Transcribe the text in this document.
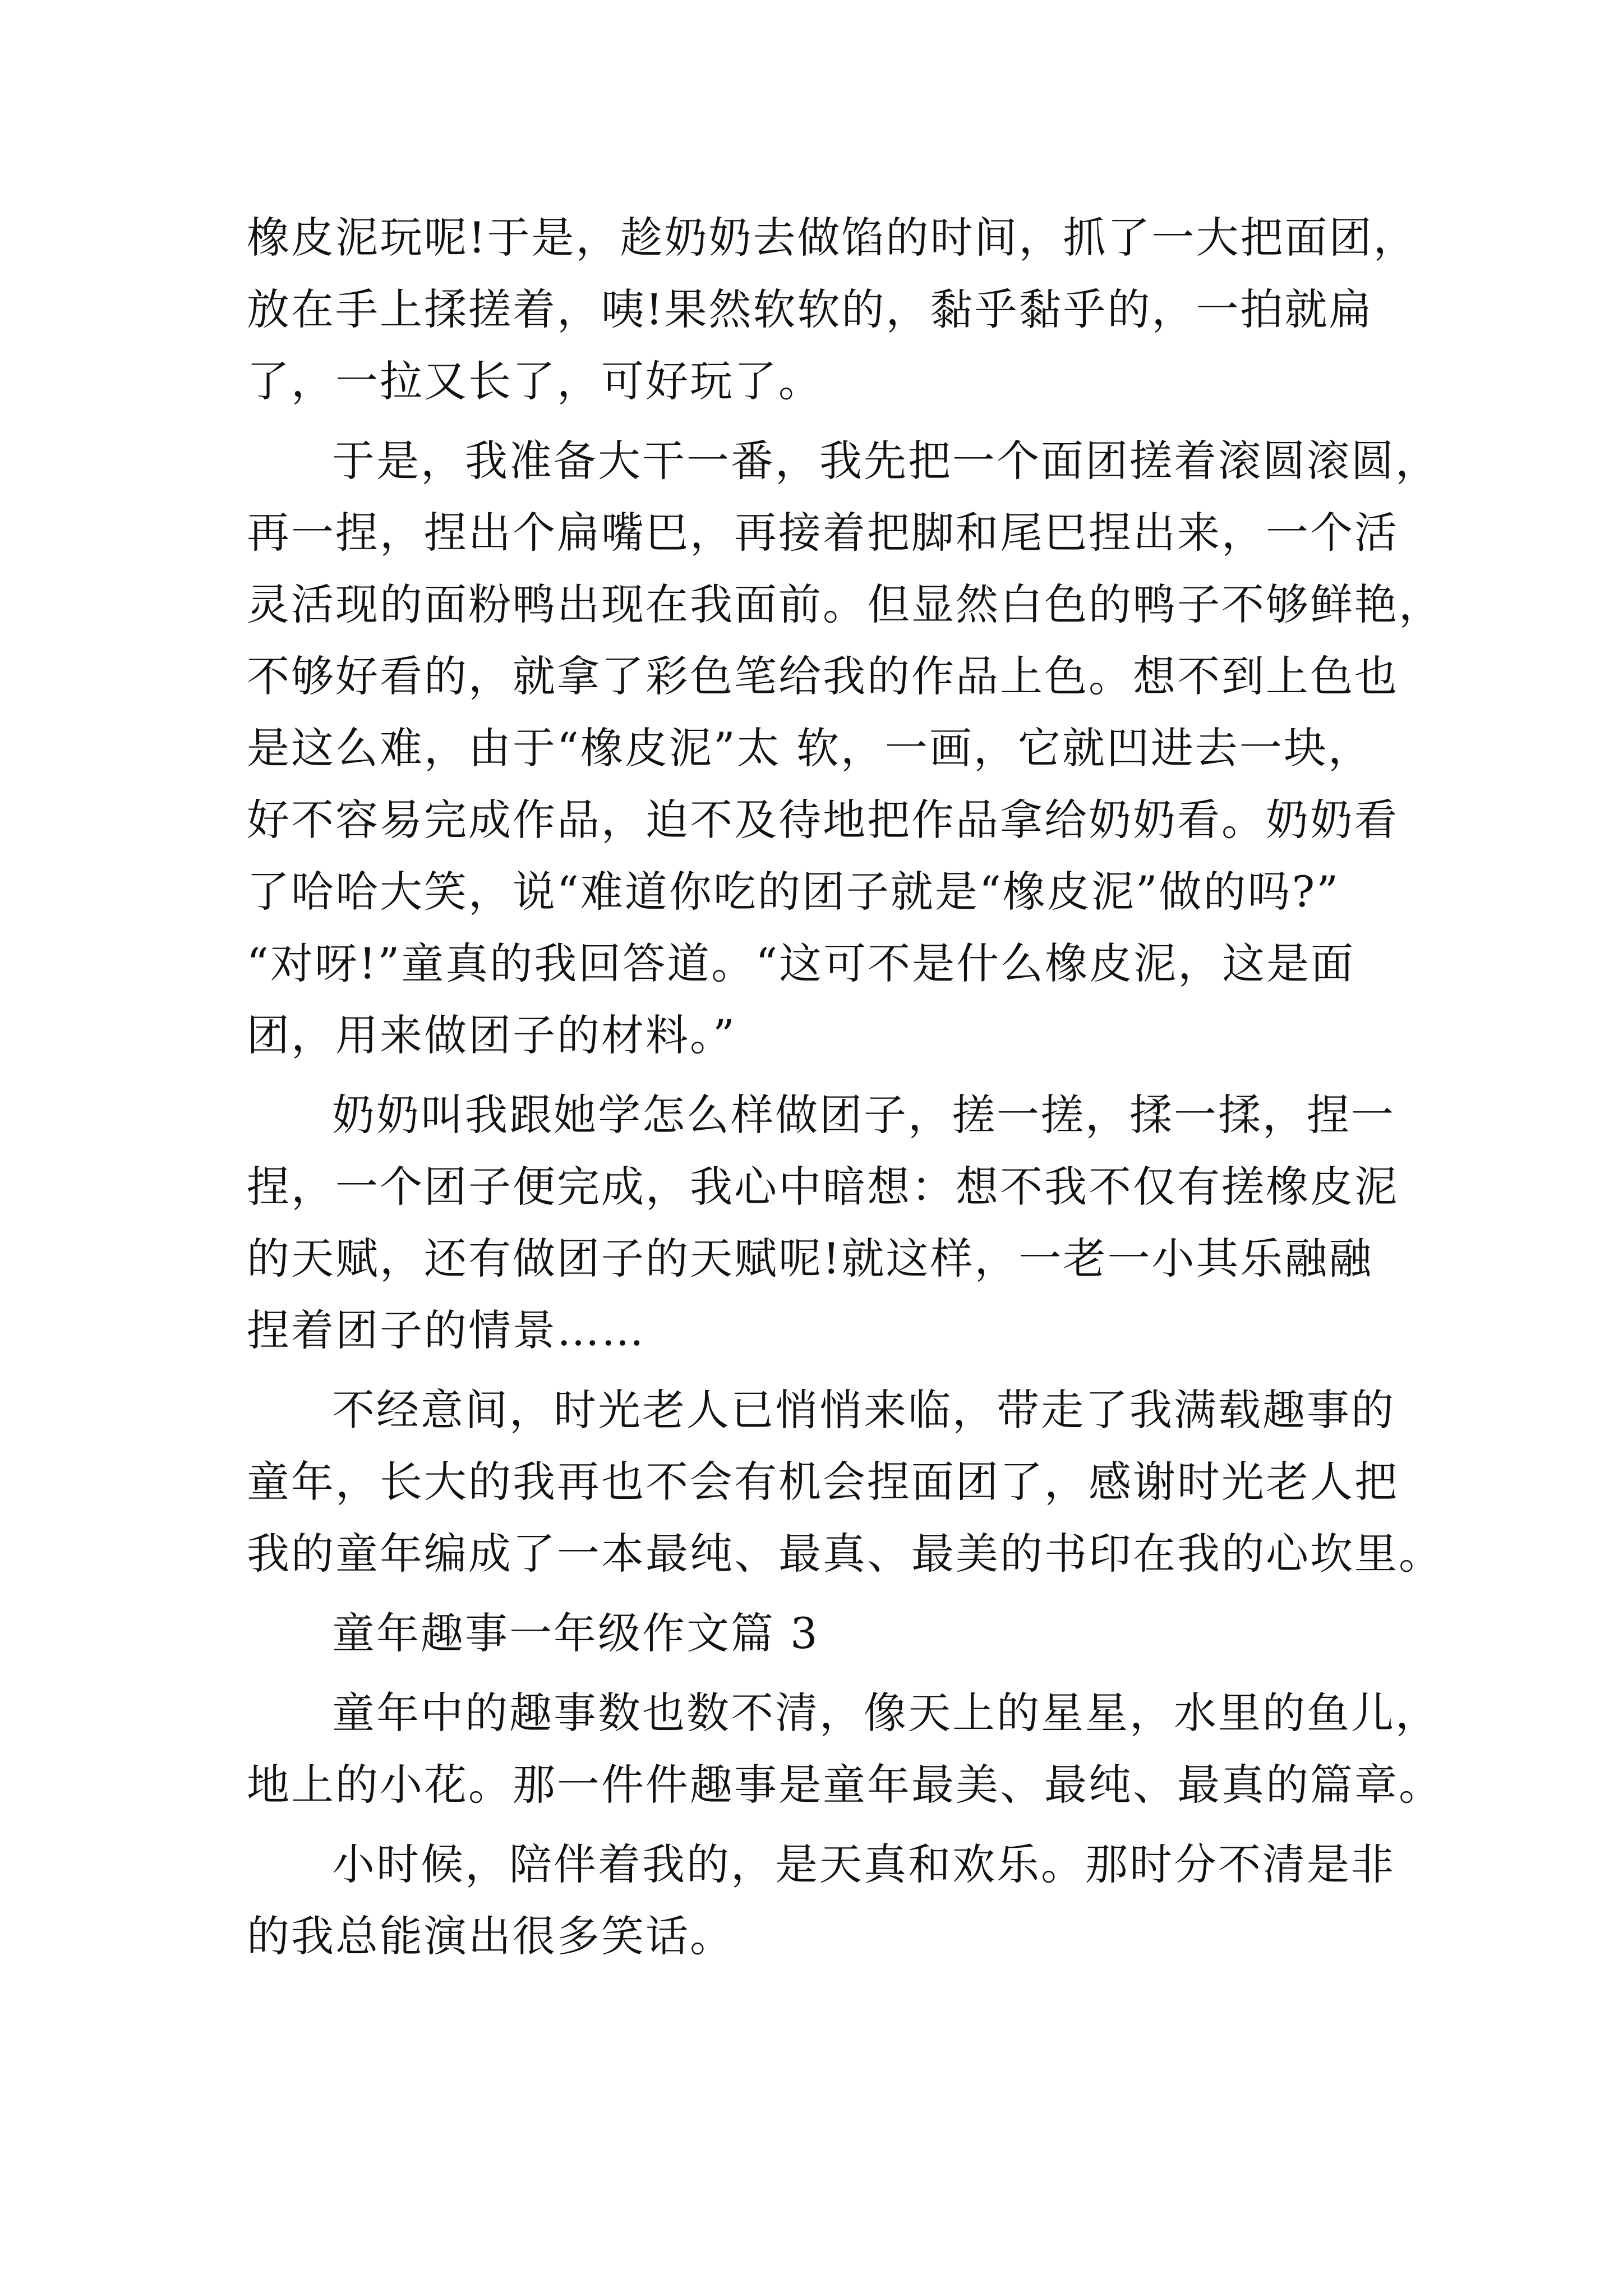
橡皮泥玩呢!于是，趁奶奶去做馅的时间，抓了一大把面团，
放在手上揉搓着，咦!果然软软的，黏乎黏乎的，一拍就扁
了，一拉又长了，可好玩了。
于是，我准备大干一番，我先把一个面团搓着滚圆滚圆，
再一捏，捏出个扁嘴巴，再接着把脚和尾巴捏出来，一个活
灵活现的面粉鸭出现在我面前。但显然白色的鸭子不够鲜艳，
不够好看的，就拿了彩色笔给我的作品上色。想不到上色也
是这么难，由于“橡皮泥”太 软，一画，它就凹进去一块，
好不容易完成作品，迫不及待地把作品拿给奶奶看。奶奶看
了哈哈大笑，说“难道你吃的团子就是“橡皮泥”做的吗?”
“对呀!”童真的我回答道。“这可不是什么橡皮泥，这是面
团，用来做团子的材料。”
奶奶叫我跟她学怎么样做团子，搓一搓，揉一揉，捏一
捏，一个团子便完成，我心中暗想：想不我不仅有搓橡皮泥
的天赋，还有做团子的天赋呢!就这样，一老一小其乐融融
捏着团子的情景……
不经意间，时光老人已悄悄来临，带走了我满载趣事的
童年，长大的我再也不会有机会捏面团了，感谢时光老人把
我的童年编成了一本最纯、最真、最美的书印在我的心坎里。
童年趣事一年级作文篇 3
童年中的趣事数也数不清，像天上的星星，水里的鱼儿，
地上的小花。那一件件趣事是童年最美、最纯、最真的篇章。
小时候，陪伴着我的，是天真和欢乐。那时分不清是非
的我总能演出很多笑话。
